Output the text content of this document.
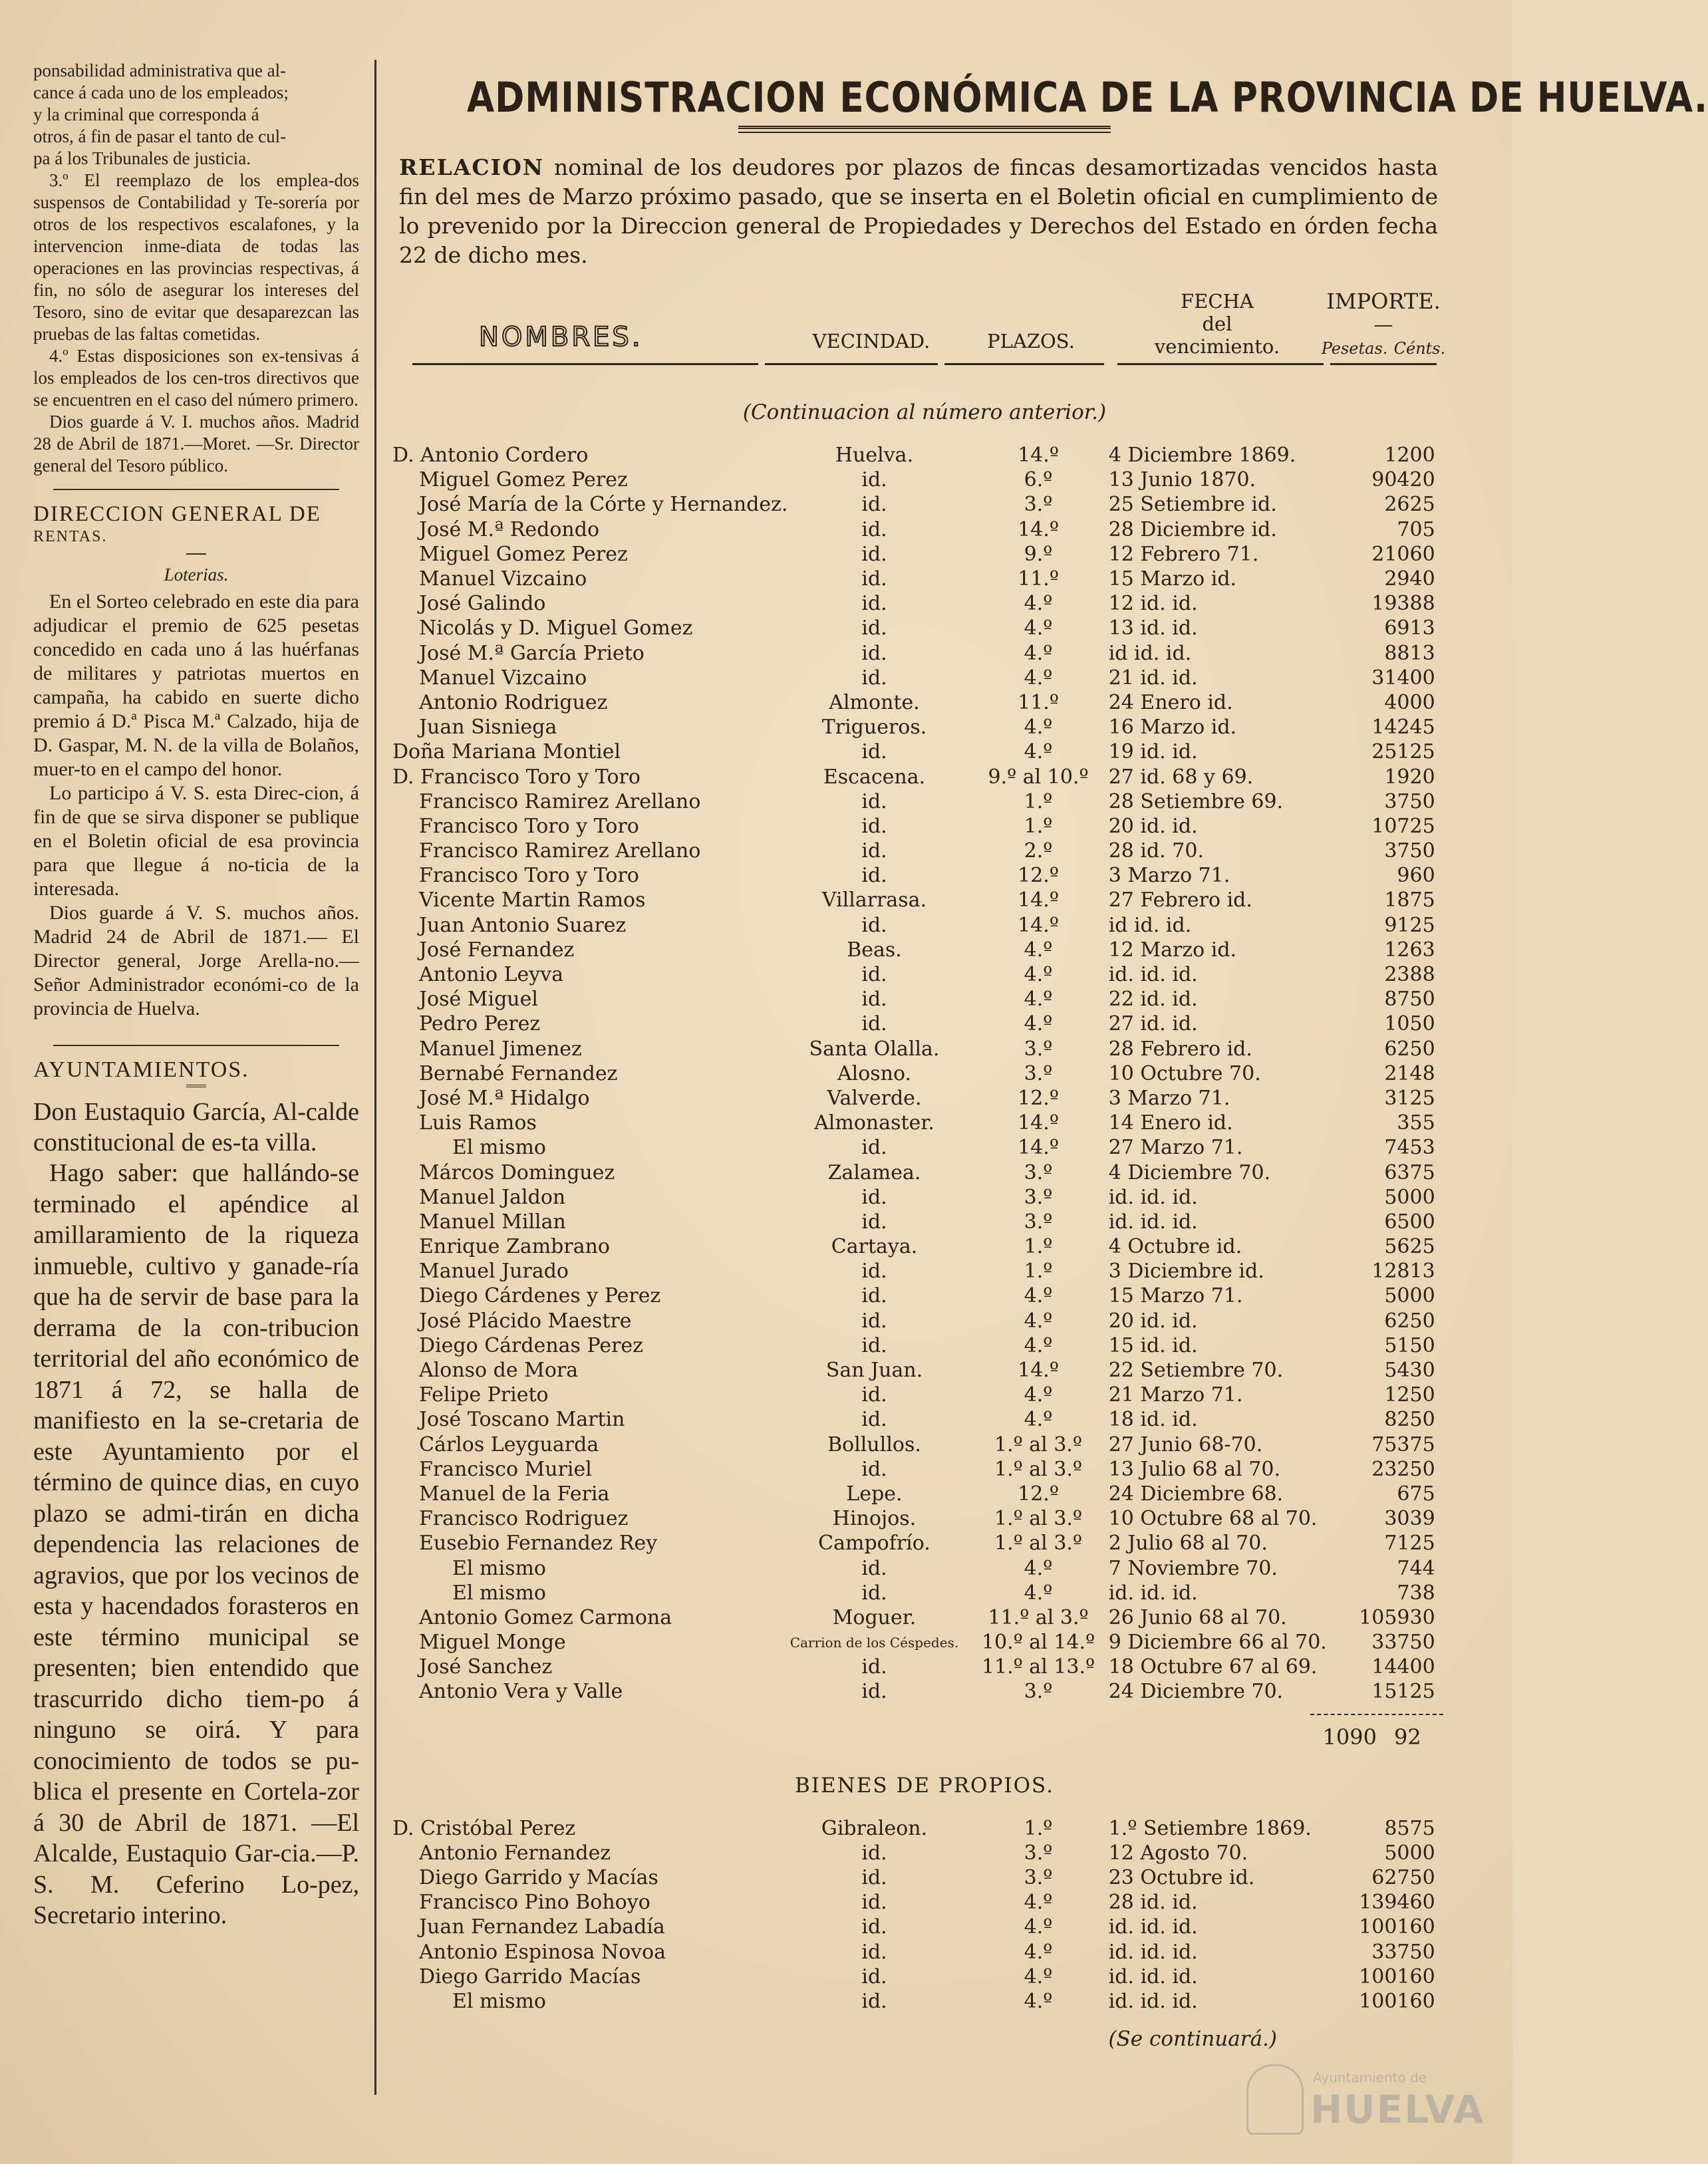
ponsabilidad administrativa que al-
cance á cada uno de los empleados;
y la criminal que corresponda á
otros, á fin de pasar el tanto de cul-
pa á los Tribunales de justicia.

3.º El reemplazo de los emplea-dos suspensos de Contabilidad y Te-sorería por otros de los respectivos escalafones, y la intervencion inme-diata de todas las operaciones en las provincias respectivas, á fin, no sólo de asegurar los intereses del Tesoro, sino de evitar que desaparezcan las pruebas de las faltas cometidas.

4.º Estas disposiciones son ex-tensivas á los empleados de los cen-tros directivos que se encuentren en el caso del número primero.

Dios guarde á V. I. muchos años. Madrid 28 de Abril de 1871.—Moret. —Sr. Director general del Tesoro público.

DIRECCION GENERAL DE

RENTAS.

Loterias.

En el Sorteo celebrado en este dia para adjudicar el premio de 625 pesetas concedido en cada uno á las huérfanas de militares y patriotas muertos en campaña, ha cabido en suerte dicho premio á D.ª Pisca M.ª Calzado, hija de D. Gaspar, M. N. de la villa de Bolaños, muer-to en el campo del honor.

Lo participo á V. S. esta Direc-cion, á fin de que se sirva disponer se publique en el Boletin oficial de esa provincia para que llegue á no-ticia de la interesada.

Dios guarde á V. S. muchos años. Madrid 24 de Abril de 1871.— El Director general, Jorge Arella-no.—Señor Administrador económi-co de la provincia de Huelva.

AYUNTAMIENTOS.

Don Eustaquio García, Al-calde constitucional de es-ta villa.

Hago saber: que hallándo-se terminado el apéndice al amillaramiento de la riqueza inmueble, cultivo y ganade-ría que ha de servir de base para la derrama de la con-tribucion territorial del año económico de 1871 á 72, se halla de manifiesto en la se-cretaria de este Ayuntamiento por el término de quince dias, en cuyo plazo se admi-tirán en dicha dependencia las relaciones de agravios, que por los vecinos de esta y hacendados forasteros en este término municipal se presenten; bien entendido que trascurrido dicho tiem-po á ninguno se oirá. Y para conocimiento de todos se pu-blica el presente en Cortela-zor á 30 de Abril de 1871. —El Alcalde, Eustaquio Gar-cia.—P. S. M. Ceferino Lo-pez, Secretario interino.

ADMINISTRACION ECONÓMICA DE LA PROVINCIA DE HUELVA.

RELACION nominal de los deudores por plazos de fincas desamortizadas vencidos hasta fin del mes de Marzo próximo pasado, que se inserta en el Boletin oficial en cumplimiento de lo prevenido por la Direccion general de Propiedades y Derechos del Estado en órden fecha 22 de dicho mes.

NOMBRES.	VECINDAD.	PLAZOS.
FECHA
del
vencimiento.
IMPORTE.
—
Pesetas. Cénts.

(Continuacion al número anterior.)

D. Antonio Cordero	Huelva.	14.º	4 Diciembre 1869.	12	00
Miguel Gomez Perez	id.	6.º	13 Junio 1870.	904	20
José María de la Córte y Hernandez.	id.	3.º	25 Setiembre id.	26	25
José M.ª Redondo	id.	14.º	28 Diciembre id.	7	05
Miguel Gomez Perez	id.	9.º	12 Febrero 71.	210	60
Manuel Vizcaino	id.	11.º	15 Marzo id.	29	40
José Galindo	id.	4.º	12 id. id.	193	88
Nicolás y D. Miguel Gomez	id.	4.º	13 id. id.	69	13
José M.ª García Prieto	id.	4.º	id id. id.	88	13
Manuel Vizcaino	id.	4.º	21 id. id.	314	00
Antonio Rodriguez	Almonte.	11.º	24 Enero id.	40	00
Juan Sisniega	Trigueros.	4.º	16 Marzo id.	142	45
Doña Mariana Montiel	id.	4.º	19 id. id.	251	25
D. Francisco Toro y Toro	Escacena.	9.º al 10.º	27 id. 68 y 69.	19	20
Francisco Ramirez Arellano	id.	1.º	28 Setiembre 69.	37	50
Francisco Toro y Toro	id.	1.º	20 id. id.	107	25
Francisco Ramirez Arellano	id.	2.º	28 id. 70.	37	50
Francisco Toro y Toro	id.	12.º	3 Marzo 71.	9	60
Vicente Martin Ramos	Villarrasa.	14.º	27 Febrero id.	18	75
Juan Antonio Suarez	id.	14.º	id id. id.	91	25
José Fernandez	Beas.	4.º	12 Marzo id.	12	63
Antonio Leyva	id.	4.º	id. id. id.	23	88
José Miguel	id.	4.º	22 id. id.	87	50
Pedro Perez	id.	4.º	27 id. id.	10	50
Manuel Jimenez	Santa Olalla.	3.º	28 Febrero id.	62	50
Bernabé Fernandez	Alosno.	3.º	10 Octubre 70.	21	48
José M.ª Hidalgo	Valverde.	12.º	3 Marzo 71.	31	25
Luis Ramos	Almonaster.	14.º	14 Enero id.	3	55
El mismo	id.	14.º	27 Marzo 71.	74	53
Márcos Dominguez	Zalamea.	3.º	4 Diciembre 70.	63	75
Manuel Jaldon	id.	3.º	id. id. id.	50	00
Manuel Millan	id.	3.º	id. id. id.	65	00
Enrique Zambrano	Cartaya.	1.º	4 Octubre id.	56	25
Manuel Jurado	id.	1.º	3 Diciembre id.	128	13
Diego Cárdenes y Perez	id.	4.º	15 Marzo 71.	50	00
José Plácido Maestre	id.	4.º	20 id. id.	62	50
Diego Cárdenas Perez	id.	4.º	15 id. id.	51	50
Alonso de Mora	San Juan.	14.º	22 Setiembre 70.	54	30
Felipe Prieto	id.	4.º	21 Marzo 71.	12	50
José Toscano Martin	id.	4.º	18 id. id.	82	50
Cárlos Leyguarda	Bollullos.	1.º al 3.º	27 Junio 68-70.	753	75
Francisco Muriel	id.	1.º al 3.º	13 Julio 68 al 70.	232	50
Manuel de la Feria	Lepe.	12.º	24 Diciembre 68.	6	75
Francisco Rodriguez	Hinojos.	1.º al 3.º	10 Octubre 68 al 70.	30	39
Eusebio Fernandez Rey	Campofrío.	1.º al 3.º	2 Julio 68 al 70.	71	25
El mismo	id.	4.º	7 Noviembre 70.	7	44
El mismo	id.	4.º	id. id. id.	7	38
Antonio Gomez Carmona	Moguer.	11.º al 3.º	26 Junio 68 al 70.	1059	30
Miguel Monge	Carrion de los Céspedes.	10.º al 14.º	9 Diciembre 66 al 70.	337	50
José Sanchez	id.	11.º al 13.º	18 Octubre 67 al 69.	144	00
Antonio Vera y Valle	id.	3.º	24 Diciembre 70.	151	25
1090 92

BIENES DE PROPIOS.

D. Cristóbal Perez	Gibraleon.	1.º	1.º Setiembre 1869.	85	75
Antonio Fernandez	id.	3.º	12 Agosto 70.	50	00
Diego Garrido y Macías	id.	3.º	23 Octubre id.	627	50
Francisco Pino Bohoyo	id.	4.º	28 id. id.	1394	60
Juan Fernandez Labadía	id.	4.º	id. id. id.	1001	60
Antonio Espinosa Novoa	id.	4.º	id. id. id.	337	50
Diego Garrido Macías	id.	4.º	id. id. id.	1001	60
El mismo	id.	4.º	id. id. id.	1001	60

(Se continuará.)

Ayuntamiento de
HUELVA
